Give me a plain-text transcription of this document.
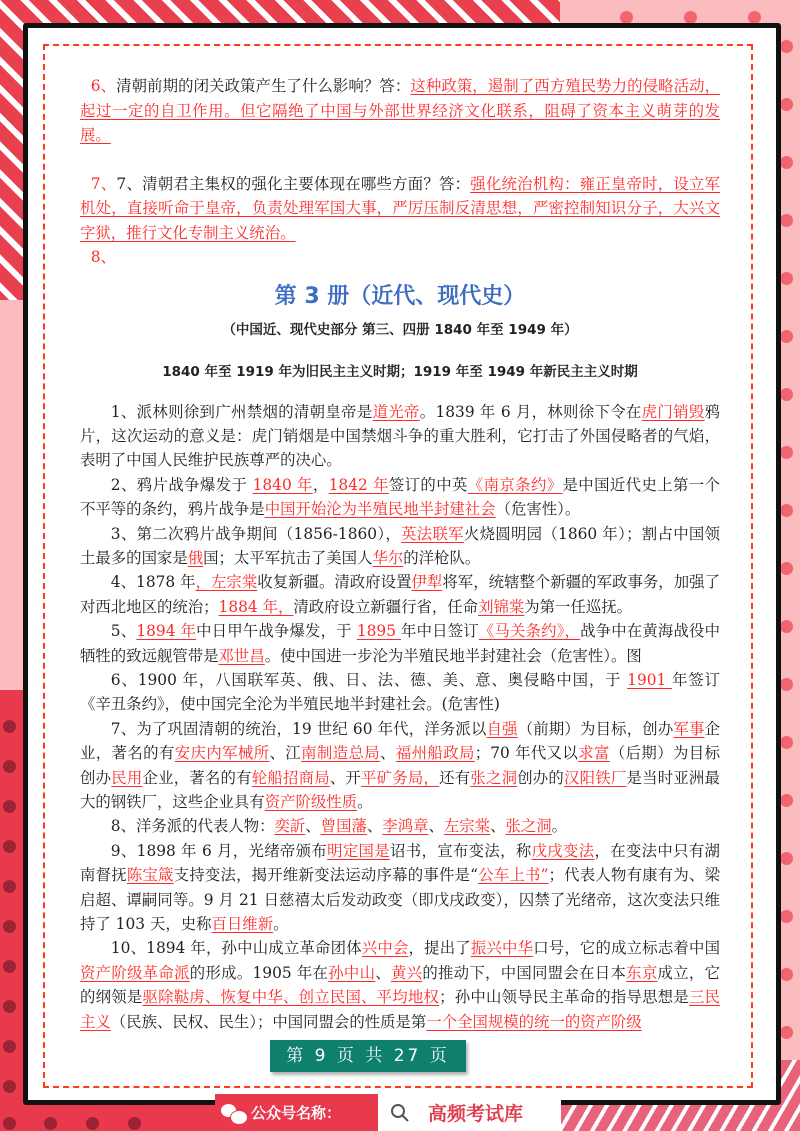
6、清朝前期的闭关政策产生了什么影响？答：这种政策，遏制了西方殖民势力的侵略活动，起过一定的自卫作用。但它隔绝了中国与外部世界经济文化联系，阻碍了资本主义萌芽的发展。

7、7、清朝君主集权的强化主要体现在哪些方面？答：强化统治机构：雍正皇帝时，设立军机处，直接听命于皇帝，负责处理军国大事，严厉压制反清思想，严密控制知识分子，大兴文字狱，推行文化专制主义统治。

8、

第 3 册（近代、现代史）
（中国近、现代史部分 第三、四册 1840 年至 1949 年）
1840 年至 1919 年为旧民主主义时期；1919 年至 1949 年新民主主义时期

1、派林则徐到广州禁烟的清朝皇帝是道光帝。1839 年 6 月，林则徐下令在虎门销毁鸦片，这次运动的意义是：虎门销烟是中国禁烟斗争的重大胜利，它打击了外国侵略者的气焰，表明了中国人民维护民族尊严的决心。

2、鸦片战争爆发于 1840 年，1842 年签订的中英《南京条约》是中国近代史上第一个不平等的条约，鸦片战争是中国开始沦为半殖民地半封建社会（危害性）。

3、第二次鸦片战争期间（1856-1860），英法联军火烧圆明园（1860 年）；割占中国领土最多的国家是俄国；太平军抗击了美国人华尔的洋枪队。

4、1878 年，左宗棠收复新疆。清政府设置伊犁将军，统辖整个新疆的军政事务，加强了对西北地区的统治；1884 年，清政府设立新疆行省，任命刘锦棠为第一任巡抚。

5、1894 年中日甲午战争爆发，于 1895 年中日签订《马关条约》，战争中在黄海战役中牺牲的致远舰管带是邓世昌。使中国进一步沦为半殖民地半封建社会（危害性）。图

6、1900 年，八国联军英、俄、日、法、德、美、意、奥侵略中国，于 1901 年签订《辛丑条约》，使中国完全沦为半殖民地半封建社会。(危害性)

7、为了巩固清朝的统治，19 世纪 60 年代，洋务派以自强（前期）为目标，创办军事企业，著名的有安庆内军械所、江南制造总局、福州船政局；70 年代又以求富（后期）为目标创办民用企业，著名的有轮船招商局、开平矿务局，还有张之洞创办的汉阳铁厂是当时亚洲最大的钢铁厂，这些企业具有资产阶级性质。

8、洋务派的代表人物：奕訢、曾国藩、李鸿章、左宗棠、张之洞。

9、1898 年 6 月，光绪帝颁布明定国是诏书，宣布变法，称戊戌变法，在变法中只有湖南督抚陈宝箴支持变法，揭开维新变法运动序幕的事件是“公车上书”；代表人物有康有为、梁启超、谭嗣同等。9 月 21 日慈禧太后发动政变（即戊戌政变），囚禁了光绪帝，这次变法只维持了 103 天，史称百日维新。

10、1894 年，孙中山成立革命团体兴中会，提出了振兴中华口号，它的成立标志着中国资产阶级革命派的形成。1905 年在孙中山、黄兴的推动下，中国同盟会在日本东京成立，它的纲领是驱除鞑虏、恢复中华、创立民国、平均地权；孙中山领导民主革命的指导思想是三民主义（民族、民权、民生）；中国同盟会的性质是第一个全国规模的统一的资产阶级

第 9 页 共 27 页
公众号名称：	高频考试库
